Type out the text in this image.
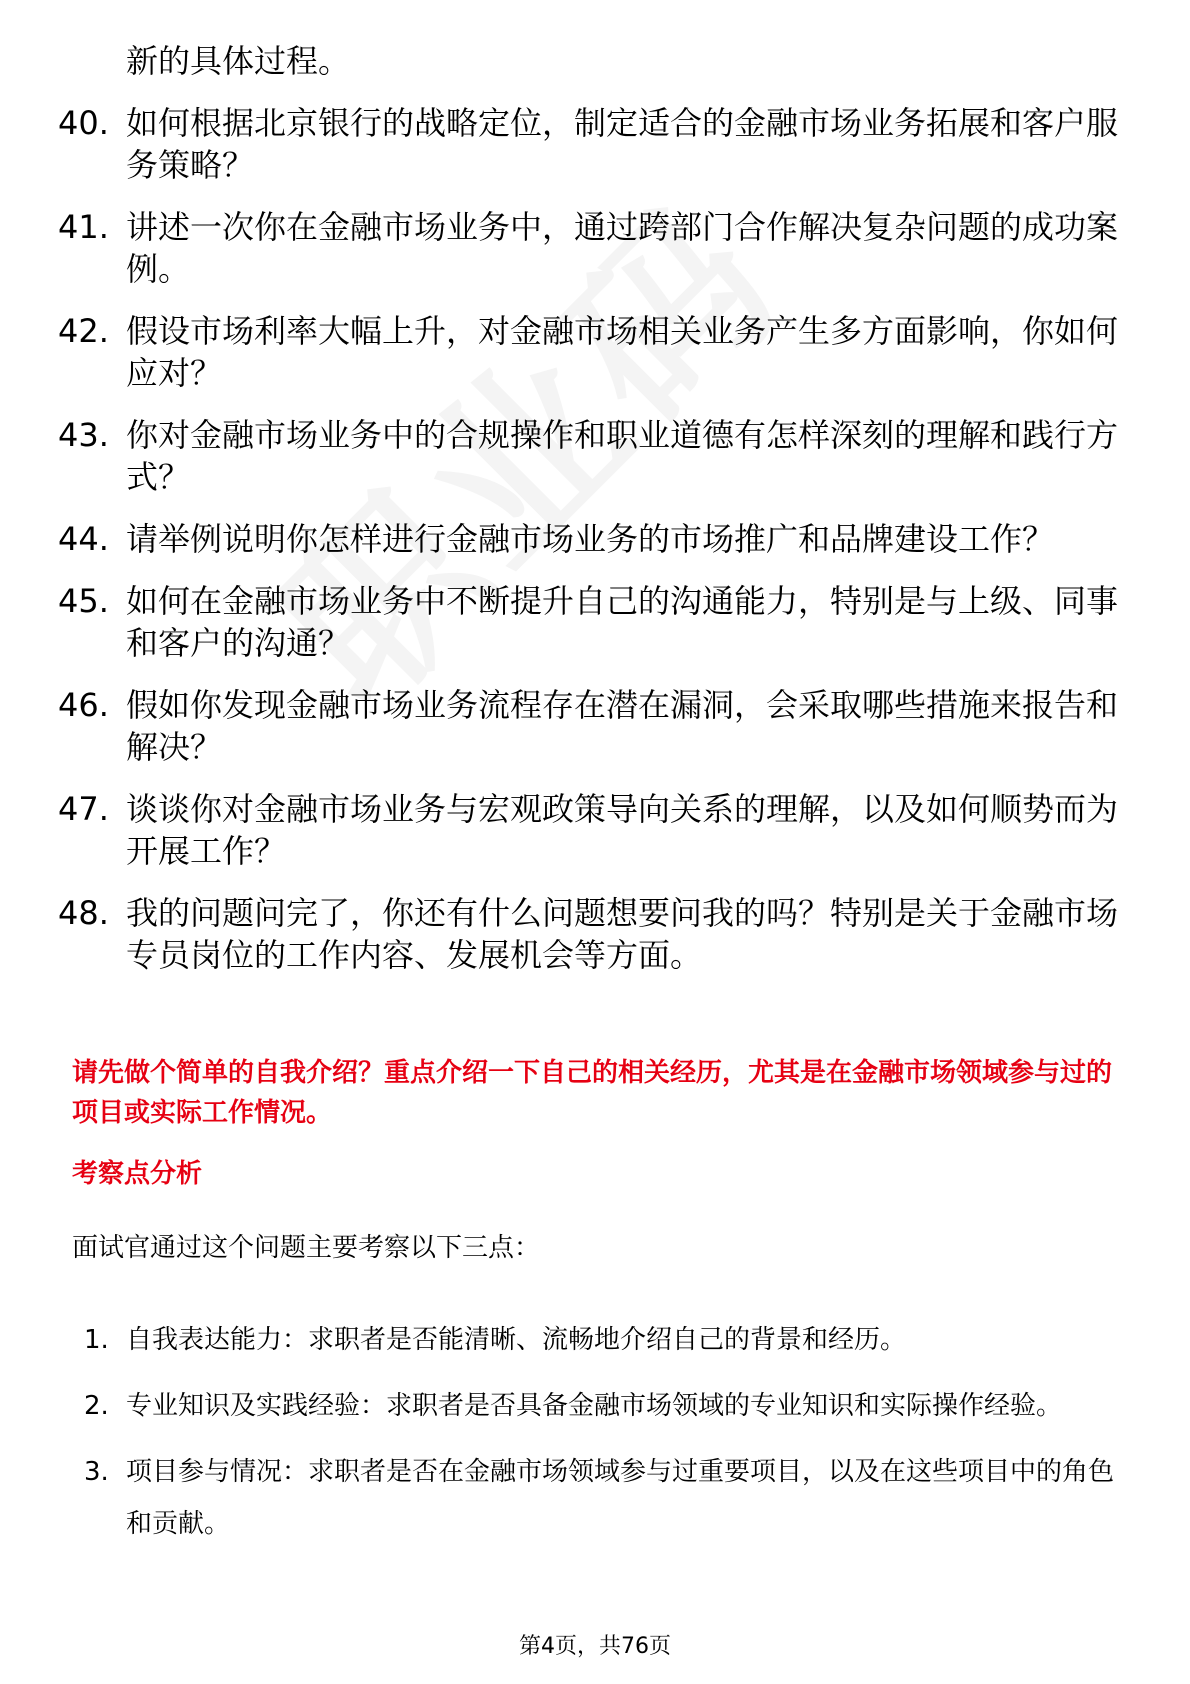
新的具体过程。
40. 如何根据北京银行的战略定位，制定适合的金融市场业务拓展和客户服务策略？
41. 讲述一次你在金融市场业务中，通过跨部门合作解决复杂问题的成功案例。
42. 假设市场利率大幅上升，对金融市场相关业务产生多方面影响，你如何应对？
43. 你对金融市场业务中的合规操作和职业道德有怎样深刻的理解和践行方式？
44. 请举例说明你怎样进行金融市场业务的市场推广和品牌建设工作？
45. 如何在金融市场业务中不断提升自己的沟通能力，特别是与上级、同事和客户的沟通？
46. 假如你发现金融市场业务流程存在潜在漏洞，会采取哪些措施来报告和解决？
47. 谈谈你对金融市场业务与宏观政策导向关系的理解，以及如何顺势而为开展工作？
48. 我的问题问完了，你还有什么问题想要问我的吗？特别是关于金融市场专员岗位的工作内容、发展机会等方面。
请先做个简单的自我介绍？重点介绍一下自己的相关经历，尤其是在金融市场领域参与过的项目或实际工作情况。
考察点分析
面试官通过这个问题主要考察以下三点：
1. 自我表达能力：求职者是否能清晰、流畅地介绍自己的背景和经历。
2. 专业知识及实践经验：求职者是否具备金融市场领域的专业知识和实际操作经验。
3. 项目参与情况：求职者是否在金融市场领域参与过重要项目，以及在这些项目中的角色和贡献。
第4页，共76页
